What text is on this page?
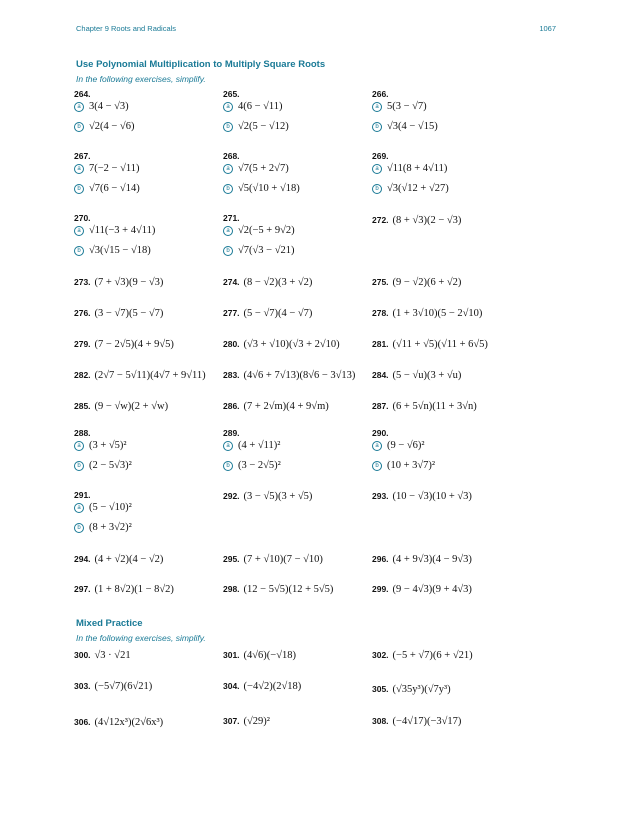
Chapter 9 Roots and Radicals	1067
Use Polynomial Multiplication to Multiply Square Roots
In the following exercises, simplify.
Mixed Practice
In the following exercises, simplify.
264.
a 3(4 − √3)
b √2(4 − √6)
265.
a 4(6 − √11)
b √2(5 − √12)
266.
a 5(3 − √7)
b √3(4 − √15)
267.
a 7(−2 − √11)
b √7(6 − √14)
268.
a √7(5 + 2√7)
b √5(√10 + √18)
269.
a √11(8 + 4√11)
b √3(√12 + √27)
270.
a √11(−3 + 4√11)
b √3(√15 − √18)
271.
a √2(−5 + 9√2)
b √7(√3 − √21)
272. (8 + √3)(2 − √3)
273. (7 + √3)(9 − √3)	274. (8 − √2)(3 + √2)	275. (9 − √2)(6 + √2)
276. (3 − √7)(5 − √7)	277. (5 − √7)(4 − √7)	278. (1 + 3√10)(5 − 2√10)
279. (7 − 2√5)(4 + 9√5)	280. (√3 + √10)(√3 + 2√10)	281. (√11 + √5)(√11 + 6√5)
282. (2√7 − 5√11)(4√7 + 9√11) 283. (4√6 + 7√13)(8√6 − 3√13) 284. (5 − √u)(3 + √u)
285. (9 − √w)(2 + √w)	286. (7 + 2√m)(4 + 9√m)	287. (6 + 5√n)(11 + 3√n)
288.
a (3 + √5)²
b (2 − 5√3)²
289.
a (4 + √11)²
b (3 − 2√5)²
290.
a (9 − √6)²
b (10 + 3√7)²
291.
a (5 − √10)²
b (8 + 3√2)²
292. (3 − √5)(3 + √5)	293. (10 − √3)(10 + √3)
294. (4 + √2)(4 − √2)	295. (7 + √10)(7 − √10)	296. (4 + 9√3)(4 − 9√3)
297. (1 + 8√2)(1 − 8√2)	298. (12 − 5√5)(12 + 5√5)	299. (9 − 4√3)(9 + 4√3)
300. √3 · √21	301. (4√6)(−√18)	302. (−5 + √7)(6 + √21)
303. (−5√7)(6√21)	304. (−4√2)(2√18)	305. (√35y³)(√7y³)
306. (4√12x³)(2√6x³)	307. (√29)²	308. (−4√17)(−3√17)
